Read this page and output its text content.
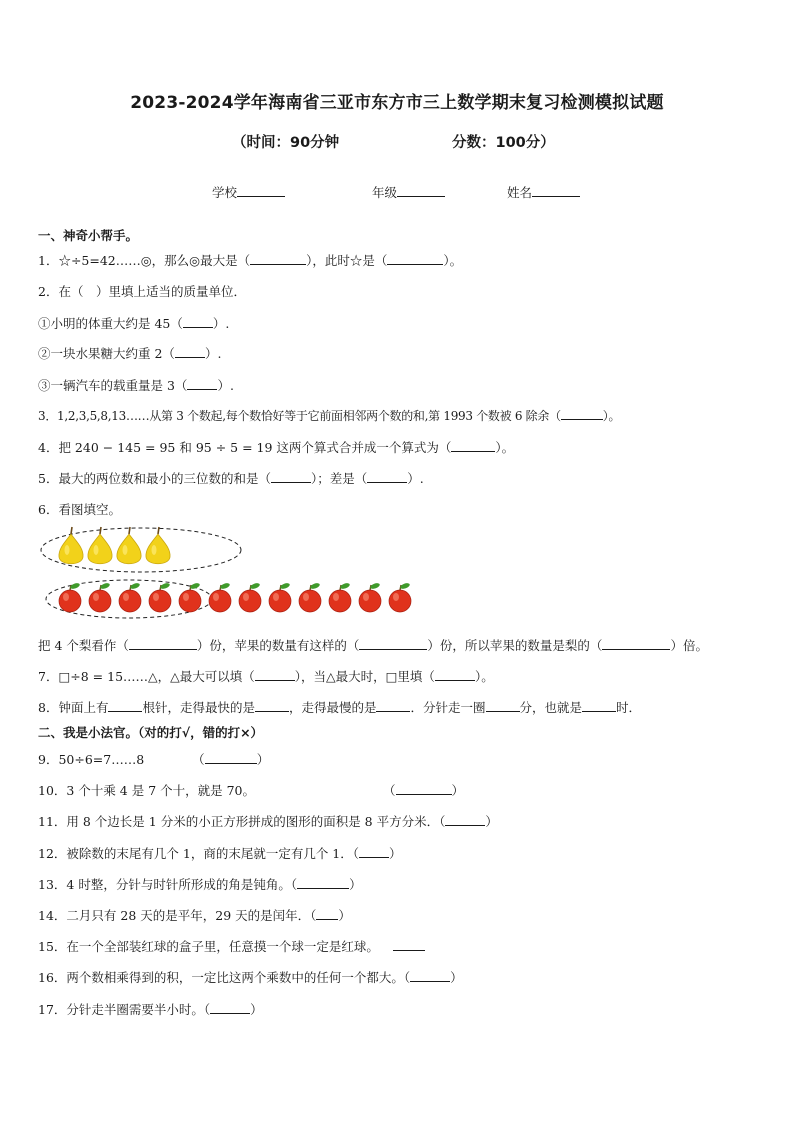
2023-2024学年海南省三亚市东方市三上数学期末复习检测模拟试题
（时间：90分钟	分数：100分）
学校	年级	姓名
一、神奇小帮手。
1．☆÷5=42……◎，那么◎最大是（	），此时☆是（	）。
2．在（　）里填上适当的质量单位．
①小明的体重大约是 45（ ）.
②一块水果糖大约重 2（ ）.
③一辆汽车的载重量是 3（ ）.
3．1,2,3,5,8,13……从第 3 个数起,每个数恰好等于它前面相邻两个数的和,第 1993 个数被 6 除余（	）。
4．把 240 − 145 = 95 和 95 ÷ 5 = 19 这两个算式合并成一个算式为（	）。
5．最大的两位数和最小的三位数的和是（	）；差是（	）.
6．看图填空。
把 4 个梨看作（	）份，苹果的数量有这样的（	）份，所以苹果的数量是梨的（	）倍。
7．□÷8 = 15……△，△最大可以填（	），当△最大时，□里填（	）。
8．钟面上有	根针，走得最快的是	，走得最慢的是	．分针走一圈	分，也就是	时．
二、我是小法官。（对的打√，错的打×）
9．50÷6=7……8	（	）
10．3 个十乘 4 是 7 个十，就是 70。	（	）
11．用 8 个边长是 1 分米的小正方形拼成的图形的面积是 8 平方分米．（	）
12．被除数的末尾有几个 1，商的末尾就一定有几个 1．（ ）
13．4 时整，分针与时针所形成的角是钝角。（	）
14．二月只有 28 天的是平年，29 天的是闰年．（ ）
15．在一个全部装红球的盒子里，任意摸一个球一定是红球。
16．两个数相乘得到的积，一定比这两个乘数中的任何一个都大。（	）
17．分针走半圈需要半小时。（	）
